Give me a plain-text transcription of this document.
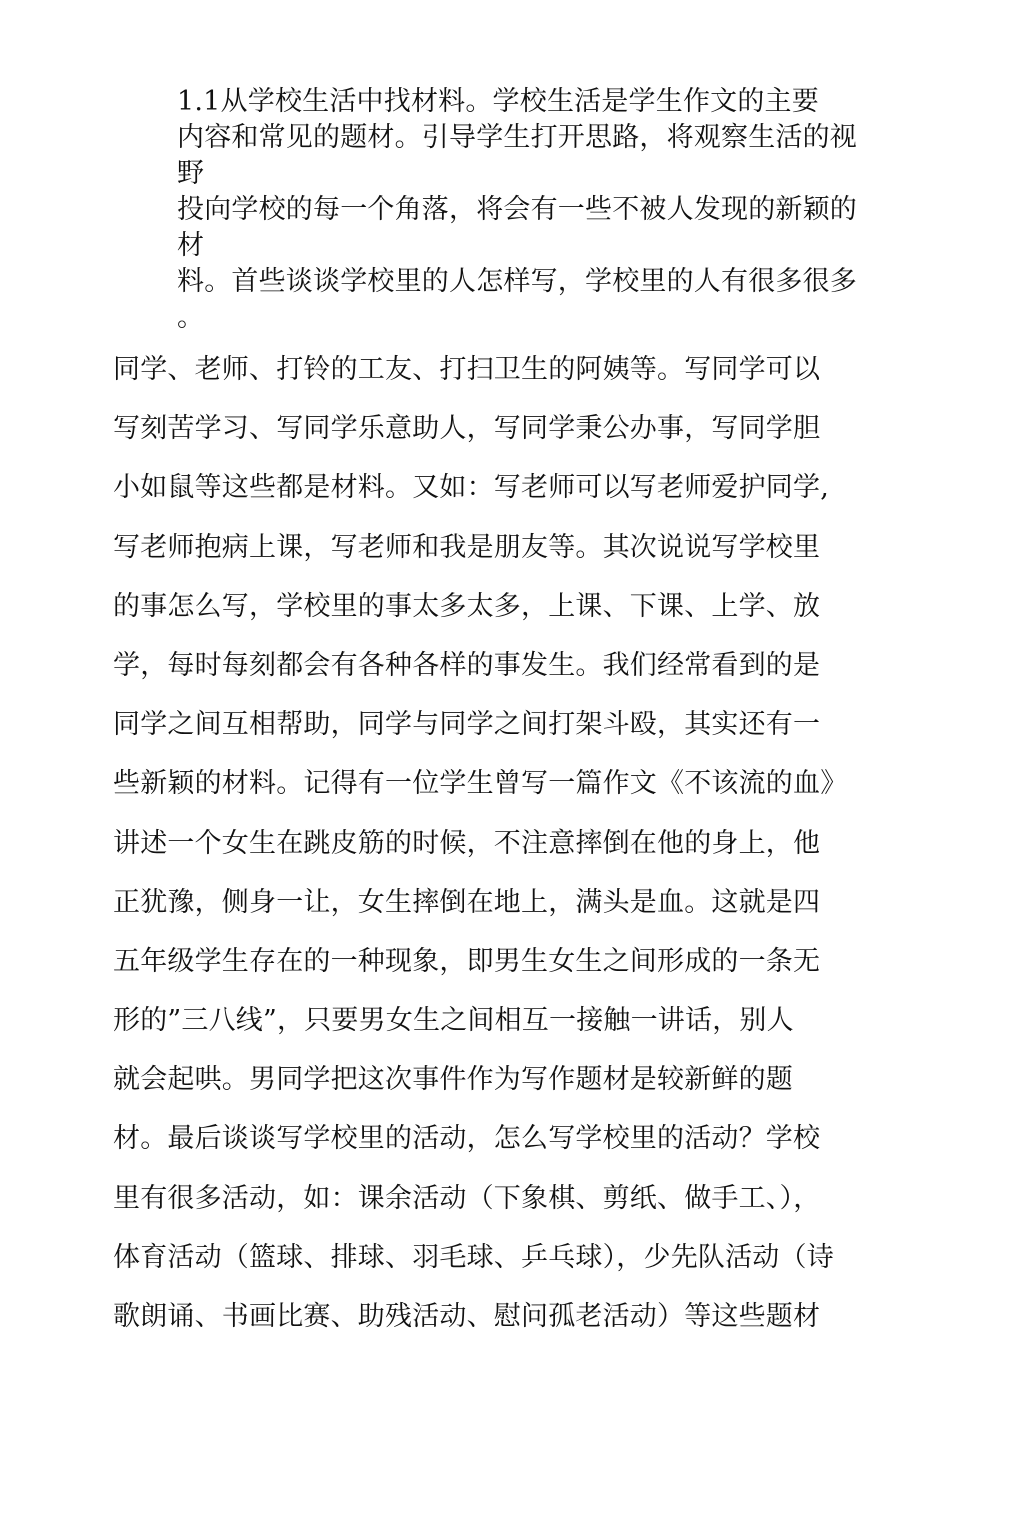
1.1从学校生活中找材料。学校生活是学生作文的主要
内容和常见的题材。引导学生打开思路，将观察生活的视
野
投向学校的每一个角落，将会有一些不被人发现的新颖的
材
料。首些谈谈学校里的人怎样写，学校里的人有很多很多
。
同学、老师、打铃的工友、打扫卫生的阿姨等。写同学可以
写刻苦学习、写同学乐意助人，写同学秉公办事，写同学胆
小如鼠等这些都是材料。又如：写老师可以写老师爱护同学,
写老师抱病上课，写老师和我是朋友等。其次说说写学校里
的事怎么写，学校里的事太多太多，上课、下课、上学、放
学，每时每刻都会有各种各样的事发生。我们经常看到的是
同学之间互相帮助，同学与同学之间打架斗殴，其实还有一
些新颖的材料。记得有一位学生曾写一篇作文《不该流的血》
讲述一个女生在跳皮筋的时候，不注意摔倒在他的身上，他
正犹豫，侧身一让，女生摔倒在地上，满头是血。这就是四
五年级学生存在的一种现象，即男生女生之间形成的一条无
形的”三八线”，只要男女生之间相互一接触一讲话，别人
就会起哄。男同学把这次事件作为写作题材是较新鲜的题
材。最后谈谈写学校里的活动，怎么写学校里的活动？学校
里有很多活动，如：课余活动（下象棋、剪纸、做手工、），
体育活动（篮球、排球、羽毛球、乒乓球），少先队活动（诗
歌朗诵、书画比赛、助残活动、慰问孤老活动）等这些题材
